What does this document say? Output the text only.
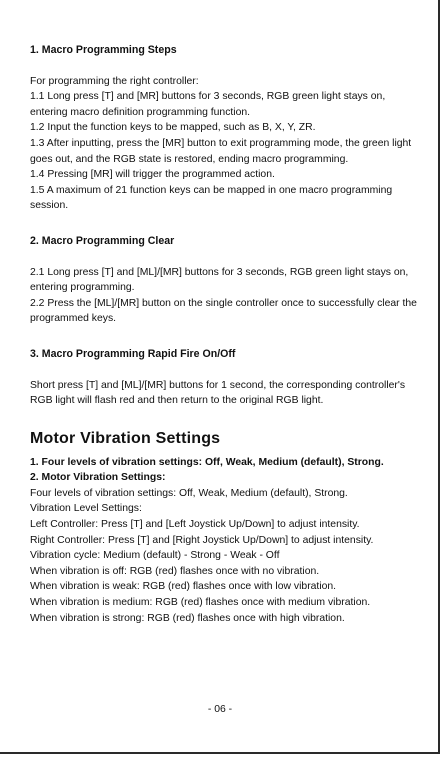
1. Macro Programming Steps

For programming the right controller:

1.1 Long press [T] and [MR] buttons for 3 seconds, RGB green light stays on, entering macro definition programming function.

1.2 Input the function keys to be mapped, such as B, X, Y, ZR.

1.3 After inputting, press the [MR] button to exit programming mode, the green light goes out, and the RGB state is restored, ending macro programming.

1.4 Pressing [MR] will trigger the programmed action.

1.5 A maximum of 21 function keys can be mapped in one macro programming session.

2. Macro Programming Clear

2.1 Long press [T] and [ML]/[MR] buttons for 3 seconds, RGB green light stays on, entering programming.

2.2 Press the [ML]/[MR] button on the single controller once to successfully clear the programmed keys.

3. Macro Programming Rapid Fire On/Off

Short press [T] and [ML]/[MR] buttons for 1 second, the corresponding controller's RGB light will flash red and then return to the original RGB light.

Motor Vibration Settings

1. Four levels of vibration settings: Off, Weak, Medium (default), Strong.

2. Motor Vibration Settings:

Four levels of vibration settings: Off, Weak, Medium (default), Strong.

Vibration Level Settings:

Left Controller: Press [T] and [Left Joystick Up/Down] to adjust intensity.

Right Controller: Press [T] and [Right Joystick Up/Down] to adjust intensity.

Vibration cycle: Medium (default) - Strong - Weak - Off

When vibration is off: RGB (red) flashes once with no vibration.

When vibration is weak: RGB (red) flashes once with low vibration.

When vibration is medium: RGB (red) flashes once with medium vibration.

When vibration is strong: RGB (red) flashes once with high vibration.

- 06 -
